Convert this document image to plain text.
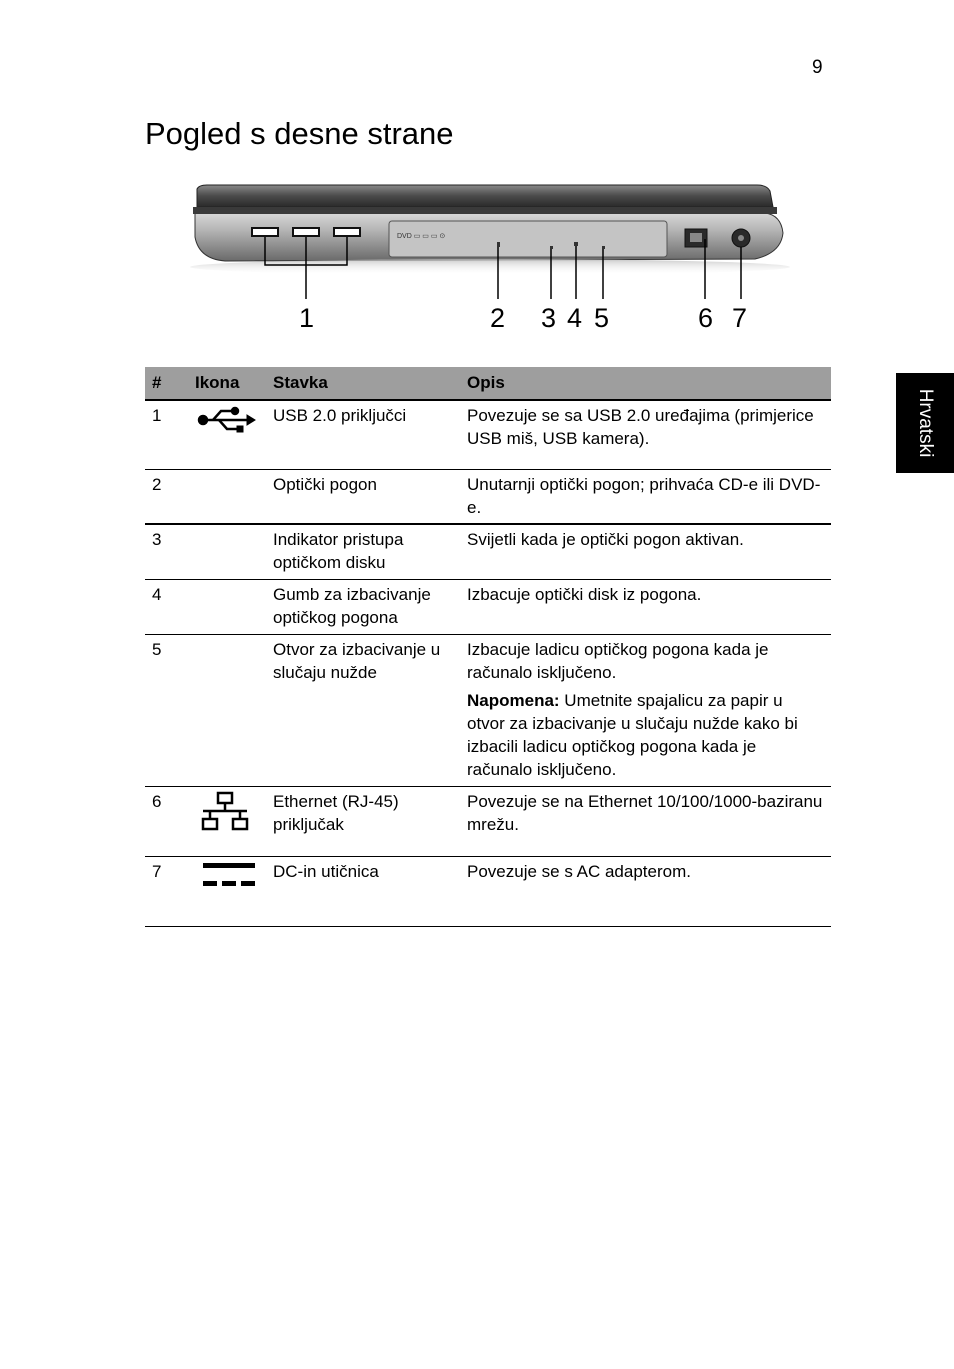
9
Pogled s desne strane
Hrvatski
DVD ▭ ▭ ▭ ⊙
1	2 3 4 5	6 7
#	Ikona	Stavka	Opis

1		USB 2.0 priključci	Povezuje se sa USB 2.0 uređajima (primjerice USB miš, USB kamera).

2		Optički pogon	Unutarnji optički pogon; prihvaća CD-e ili DVD-e.

3		Indikator pristupa optičkom disku	Svijetli kada je optički pogon aktivan.

4		Gumb za izbacivanje optičkog pogona	Izbacuje optički disk iz pogona.

5		Otvor za izbacivanje u slučaju nužde	Izbacuje ladicu optičkog pogona kada je računalo isključeno.
Napomena: Umetnite spajalicu za papir u otvor za izbacivanje u slučaju nužde kako bi izbacili ladicu optičkog pogona kada je računalo isključeno.

6		Ethernet (RJ-45) priključak	Povezuje se na Ethernet 10/100/1000-baziranu mrežu.

7		DC-in utičnica	Povezuje se s AC adapterom.
